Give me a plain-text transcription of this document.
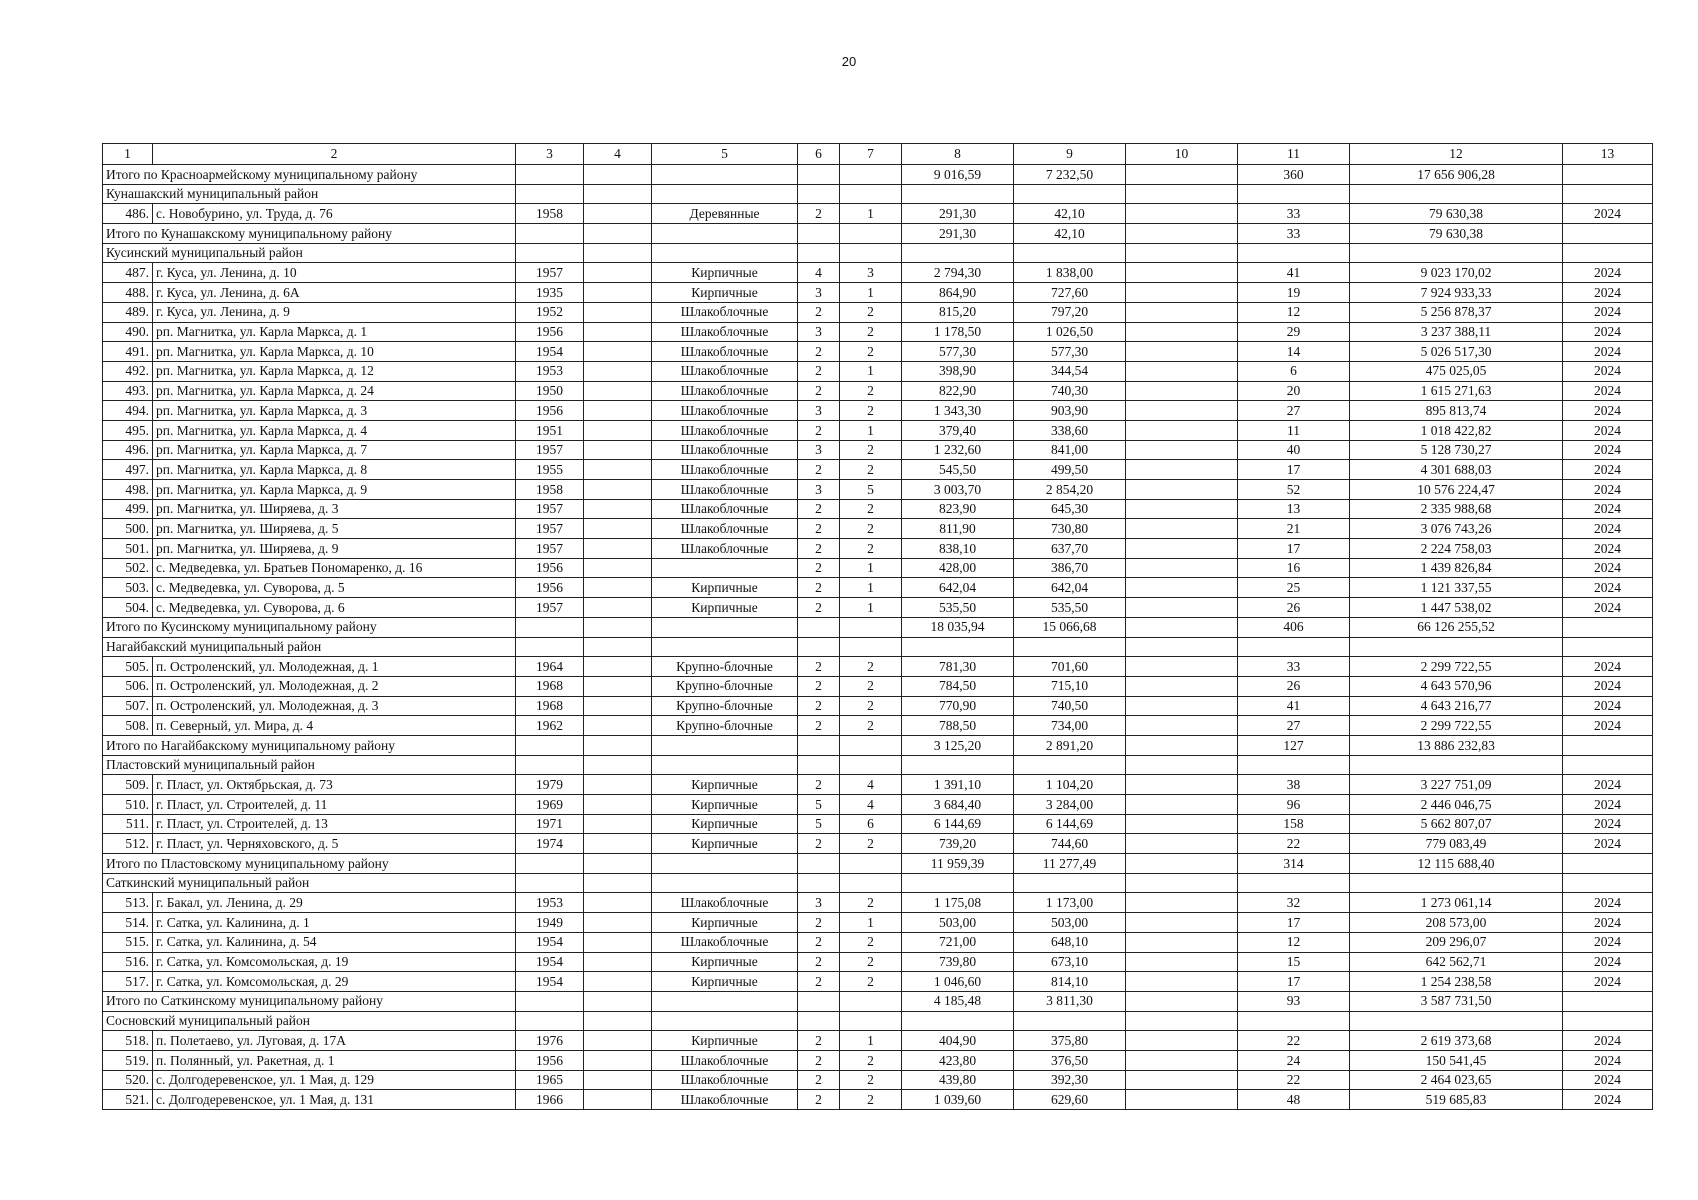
20
1	2	3	4	5	6	7	8	9	10	11	12	13
Итого по Красноармейскому муниципальному району							9 016,59	7 232,50		360	17 656 906,28	
Кунашакский муниципальный район												
486.	с. Новобурино, ул. Труда, д. 76	1958		Деревянные	2	1	291,30	42,10		33	79 630,38	2024
Итого по Кунашакскому муниципальному району							291,30	42,10		33	79 630,38	
Кусинский муниципальный район												
487.	г. Куса, ул. Ленина, д. 10	1957		Кирпичные	4	3	2 794,30	1 838,00		41	9 023 170,02	2024
488.	г. Куса, ул. Ленина, д. 6А	1935		Кирпичные	3	1	864,90	727,60		19	7 924 933,33	2024
489.	г. Куса, ул. Ленина, д. 9	1952		Шлакоблочные	2	2	815,20	797,20		12	5 256 878,37	2024
490.	рп. Магнитка, ул. Карла Маркса, д. 1	1956		Шлакоблочные	3	2	1 178,50	1 026,50		29	3 237 388,11	2024
491.	рп. Магнитка, ул. Карла Маркса, д. 10	1954		Шлакоблочные	2	2	577,30	577,30		14	5 026 517,30	2024
492.	рп. Магнитка, ул. Карла Маркса, д. 12	1953		Шлакоблочные	2	1	398,90	344,54		6	475 025,05	2024
493.	рп. Магнитка, ул. Карла Маркса, д. 24	1950		Шлакоблочные	2	2	822,90	740,30		20	1 615 271,63	2024
494.	рп. Магнитка, ул. Карла Маркса, д. 3	1956		Шлакоблочные	3	2	1 343,30	903,90		27	895 813,74	2024
495.	рп. Магнитка, ул. Карла Маркса, д. 4	1951		Шлакоблочные	2	1	379,40	338,60		11	1 018 422,82	2024
496.	рп. Магнитка, ул. Карла Маркса, д. 7	1957		Шлакоблочные	3	2	1 232,60	841,00		40	5 128 730,27	2024
497.	рп. Магнитка, ул. Карла Маркса, д. 8	1955		Шлакоблочные	2	2	545,50	499,50		17	4 301 688,03	2024
498.	рп. Магнитка, ул. Карла Маркса, д. 9	1958		Шлакоблочные	3	5	3 003,70	2 854,20		52	10 576 224,47	2024
499.	рп. Магнитка, ул. Ширяева, д. 3	1957		Шлакоблочные	2	2	823,90	645,30		13	2 335 988,68	2024
500.	рп. Магнитка, ул. Ширяева, д. 5	1957		Шлакоблочные	2	2	811,90	730,80		21	3 076 743,26	2024
501.	рп. Магнитка, ул. Ширяева, д. 9	1957		Шлакоблочные	2	2	838,10	637,70		17	2 224 758,03	2024
502.	с. Медведевка, ул. Братьев Пономаренко, д. 16	1956			2	1	428,00	386,70		16	1 439 826,84	2024
503.	с. Медведевка, ул. Суворова, д. 5	1956		Кирпичные	2	1	642,04	642,04		25	1 121 337,55	2024
504.	с. Медведевка, ул. Суворова, д. 6	1957		Кирпичные	2	1	535,50	535,50		26	1 447 538,02	2024
Итого по Кусинскому муниципальному району							18 035,94	15 066,68		406	66 126 255,52	
Нагайбакский муниципальный район												
505.	п. Остроленский, ул. Молодежная, д. 1	1964		Крупно-блочные	2	2	781,30	701,60		33	2 299 722,55	2024
506.	п. Остроленский, ул. Молодежная, д. 2	1968		Крупно-блочные	2	2	784,50	715,10		26	4 643 570,96	2024
507.	п. Остроленский, ул. Молодежная, д. 3	1968		Крупно-блочные	2	2	770,90	740,50		41	4 643 216,77	2024
508.	п. Северный, ул. Мира, д. 4	1962		Крупно-блочные	2	2	788,50	734,00		27	2 299 722,55	2024
Итого по Нагайбакскому муниципальному району							3 125,20	2 891,20		127	13 886 232,83	
Пластовский муниципальный район												
509.	г. Пласт, ул. Октябрьская, д. 73	1979		Кирпичные	2	4	1 391,10	1 104,20		38	3 227 751,09	2024
510.	г. Пласт, ул. Строителей, д. 11	1969		Кирпичные	5	4	3 684,40	3 284,00		96	2 446 046,75	2024
511.	г. Пласт, ул. Строителей, д. 13	1971		Кирпичные	5	6	6 144,69	6 144,69		158	5 662 807,07	2024
512.	г. Пласт, ул. Черняховского, д. 5	1974		Кирпичные	2	2	739,20	744,60		22	779 083,49	2024
Итого по Пластовскому муниципальному району							11 959,39	11 277,49		314	12 115 688,40	
Саткинский муниципальный район												
513.	г. Бакал, ул. Ленина, д. 29	1953		Шлакоблочные	3	2	1 175,08	1 173,00		32	1 273 061,14	2024
514.	г. Сатка, ул. Калинина, д. 1	1949		Кирпичные	2	1	503,00	503,00		17	208 573,00	2024
515.	г. Сатка, ул. Калинина, д. 54	1954		Шлакоблочные	2	2	721,00	648,10		12	209 296,07	2024
516.	г. Сатка, ул. Комсомольская, д. 19	1954		Кирпичные	2	2	739,80	673,10		15	642 562,71	2024
517.	г. Сатка, ул. Комсомольская, д. 29	1954		Кирпичные	2	2	1 046,60	814,10		17	1 254 238,58	2024
Итого по Саткинскому муниципальному району							4 185,48	3 811,30		93	3 587 731,50	
Сосновский муниципальный район												
518.	п. Полетаево, ул. Луговая, д. 17А	1976		Кирпичные	2	1	404,90	375,80		22	2 619 373,68	2024
519.	п. Полянный, ул. Ракетная, д. 1	1956		Шлакоблочные	2	2	423,80	376,50		24	150 541,45	2024
520.	с. Долгодеревенское, ул. 1 Мая, д. 129	1965		Шлакоблочные	2	2	439,80	392,30		22	2 464 023,65	2024
521.	с. Долгодеревенское, ул. 1 Мая, д. 131	1966		Шлакоблочные	2	2	1 039,60	629,60		48	519 685,83	2024
